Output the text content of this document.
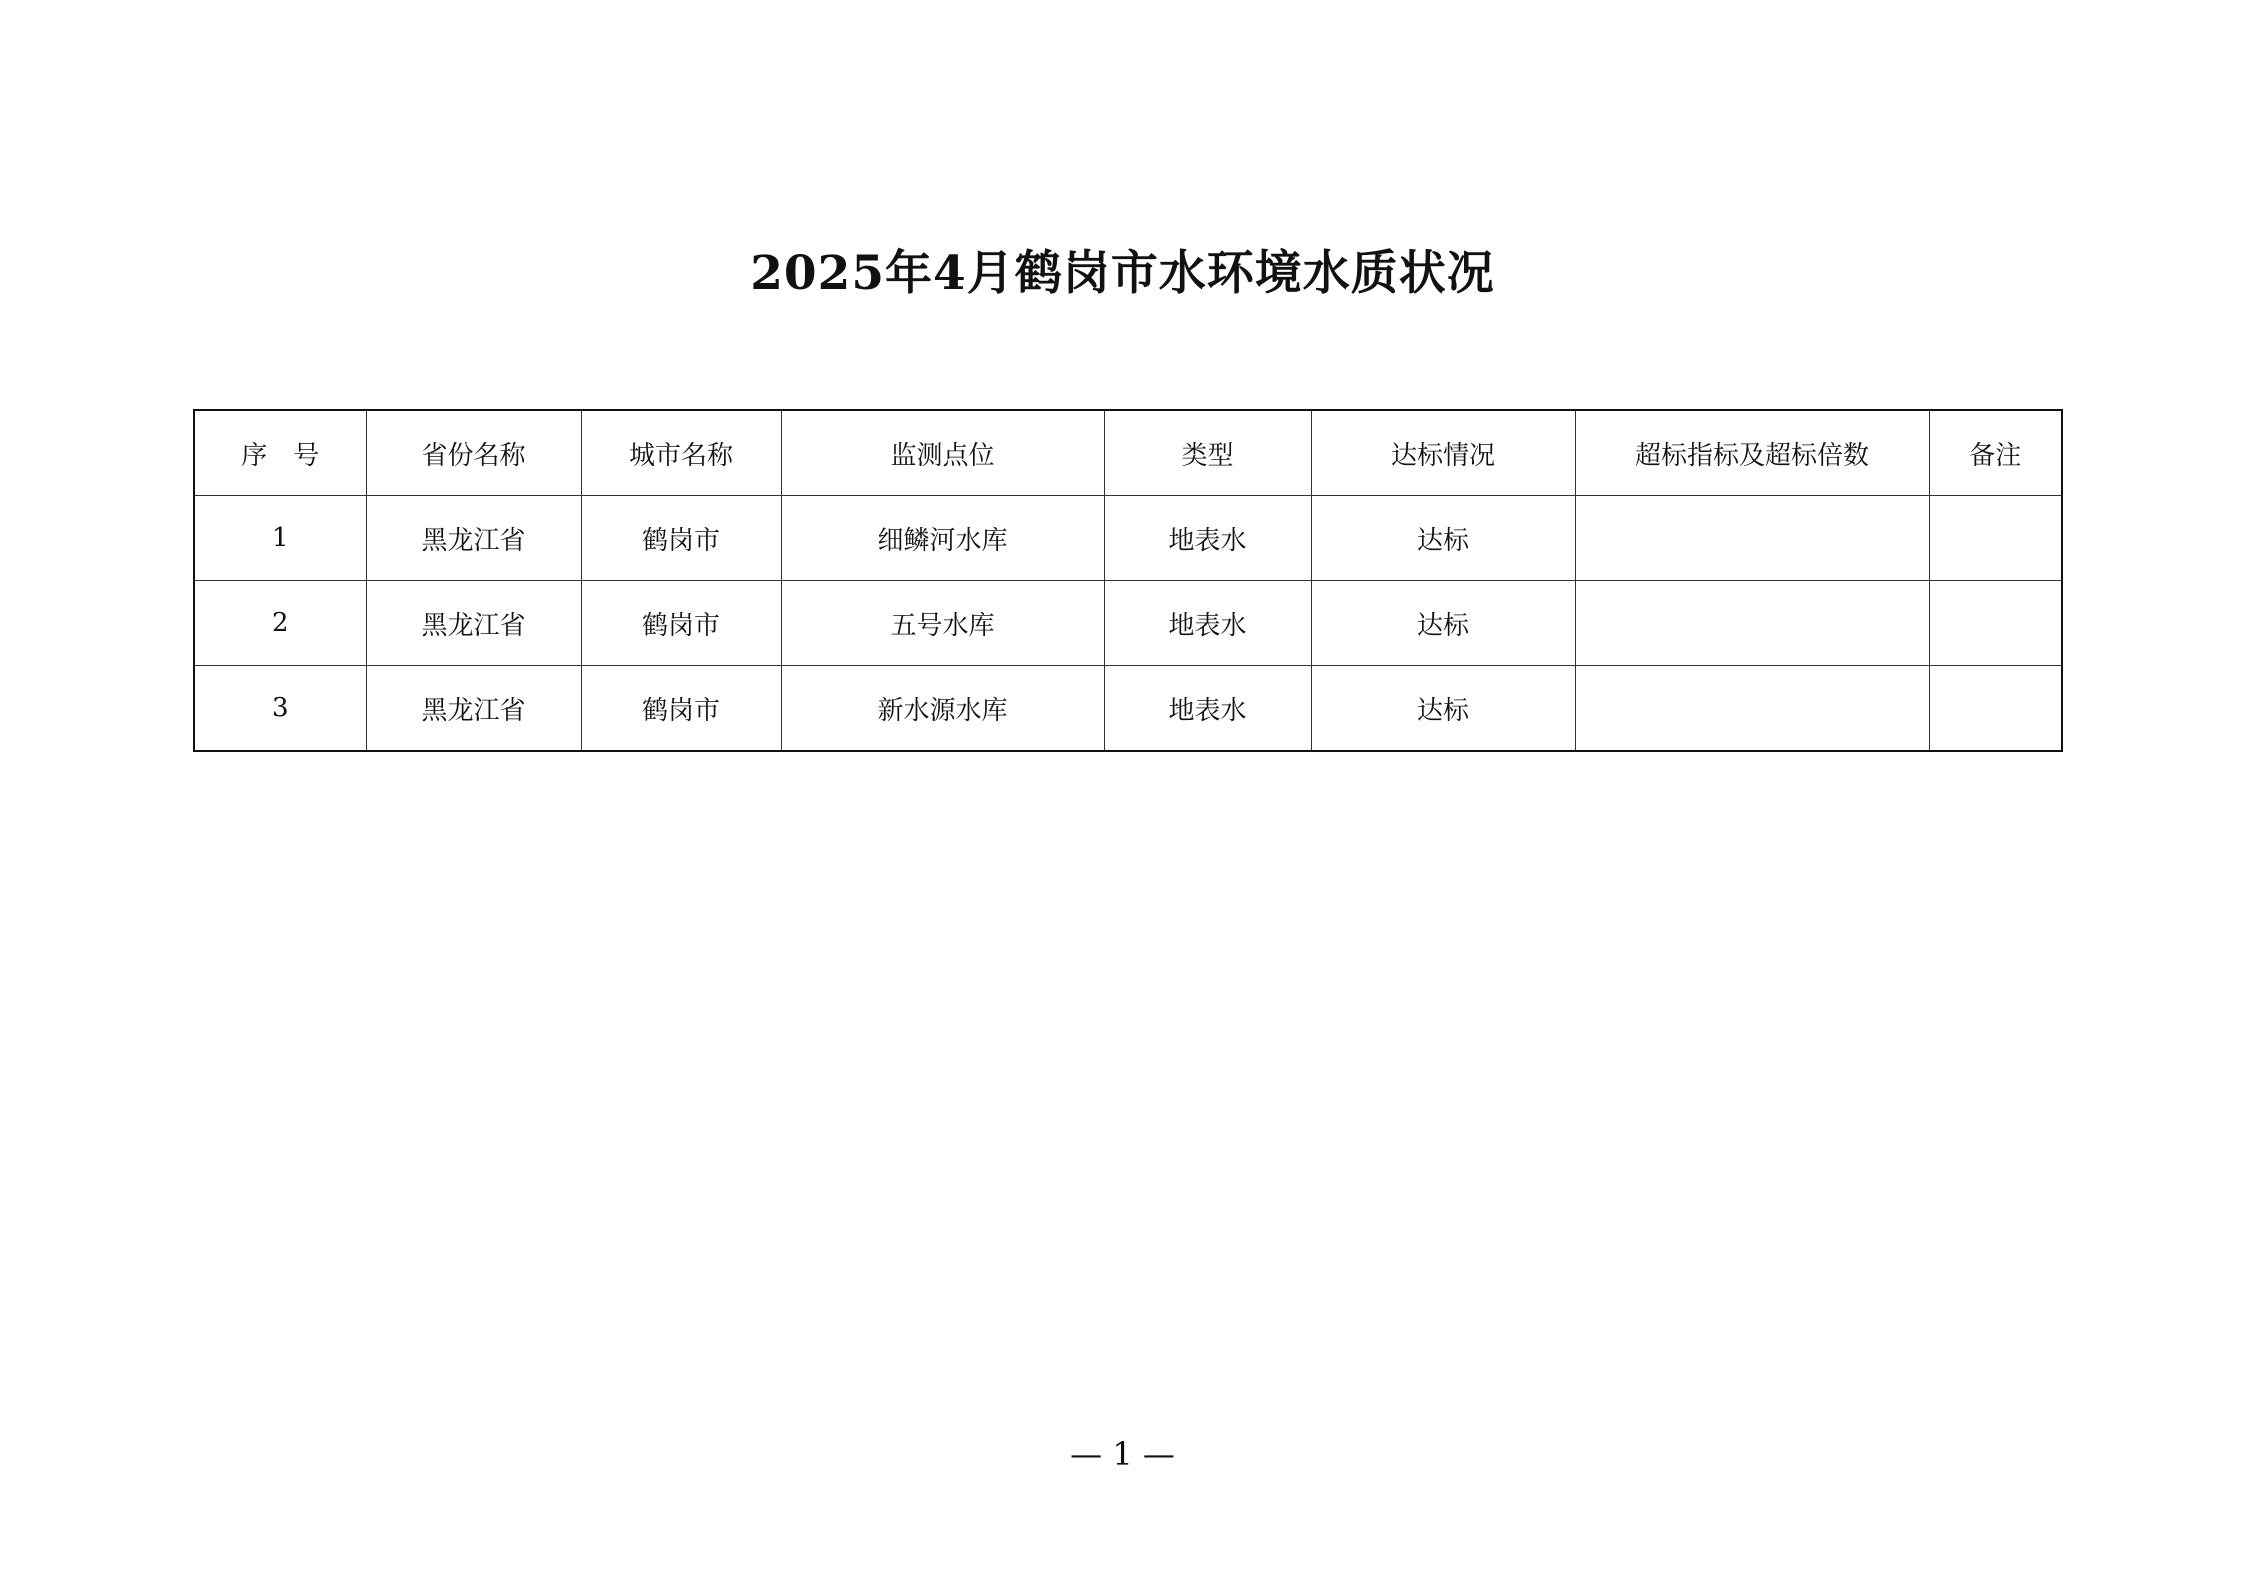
2025年4月鹤岗市水环境水质状况
序　号	省份名称	城市名称	监测点位	类型	达标情况	超标指标及超标倍数	备注
1	黑龙江省	鹤岗市	细鳞河水库	地表水	达标		
2	黑龙江省	鹤岗市	五号水库	地表水	达标		
3	黑龙江省	鹤岗市	新水源水库	地表水	达标		
— 1 —
